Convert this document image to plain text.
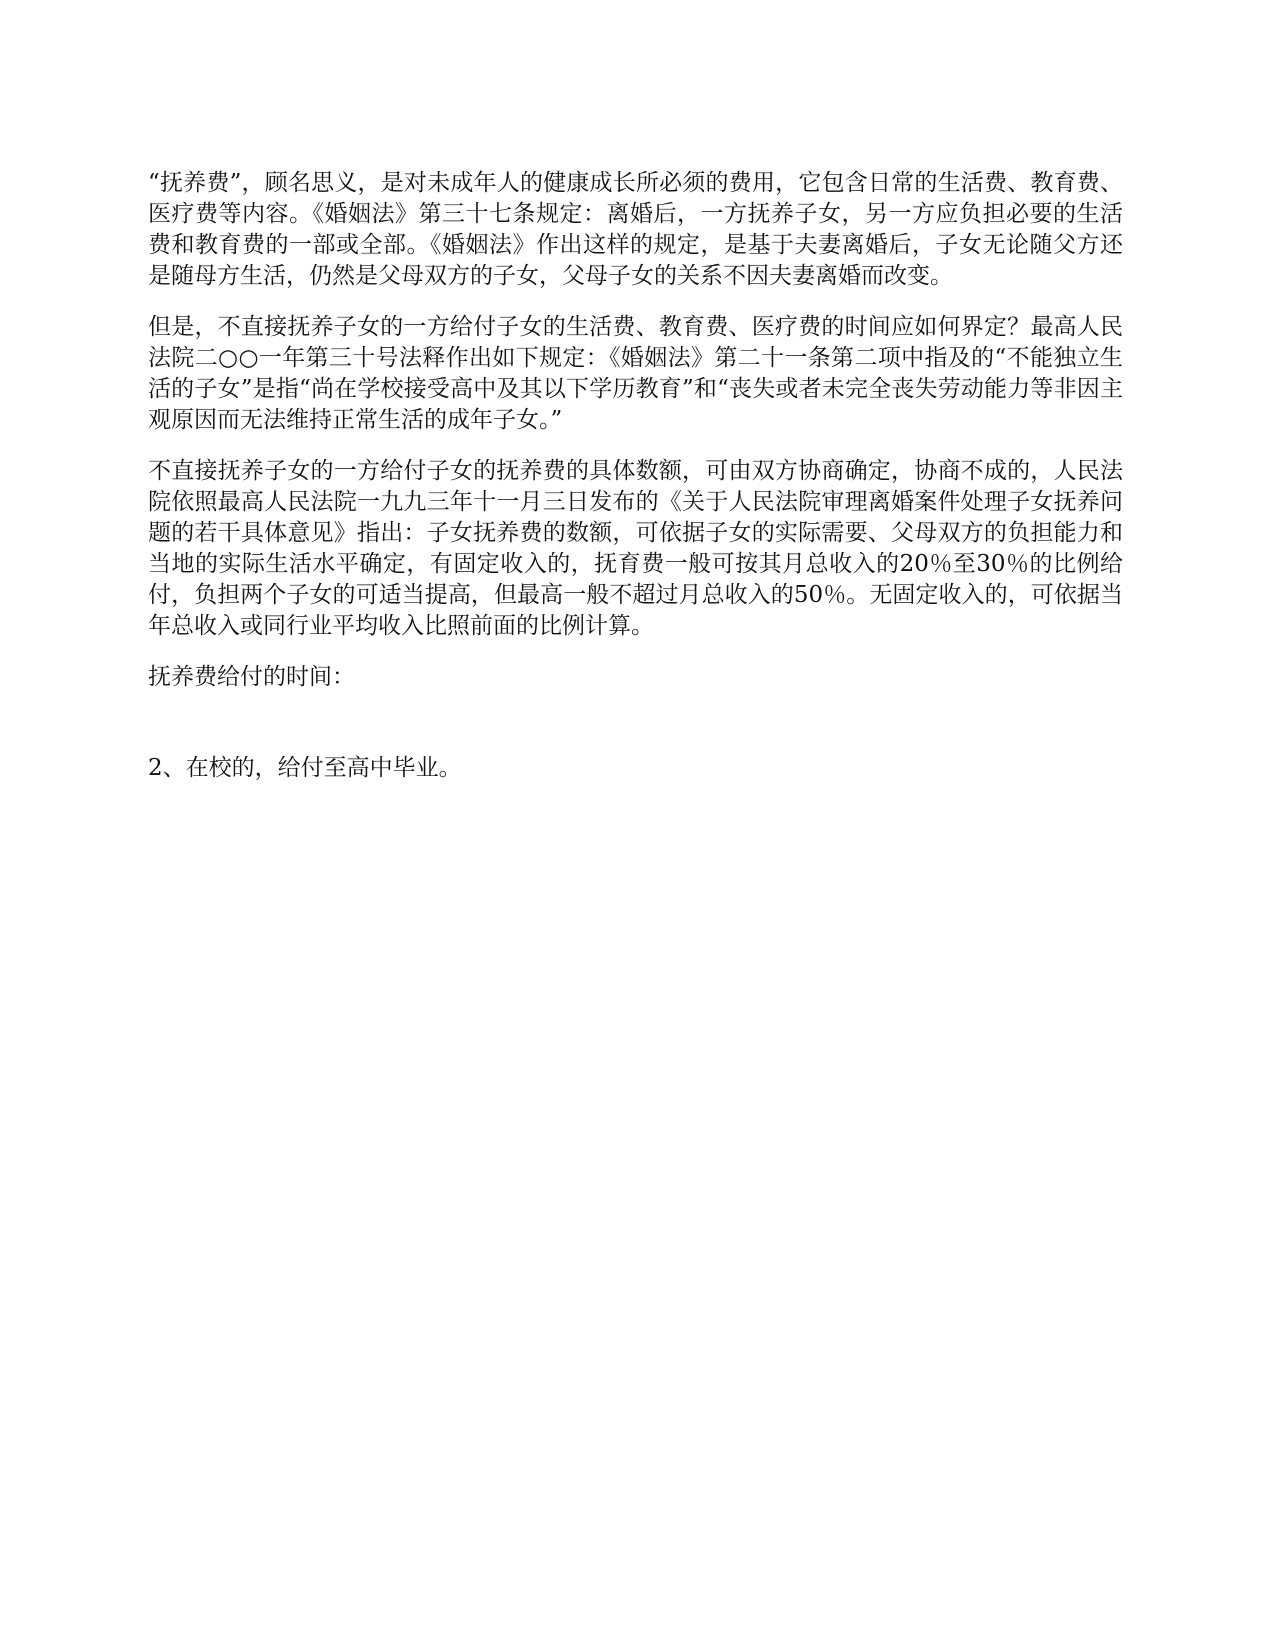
“抚养费”，顾名思义，是对未成年人的健康成长所必须的费用，它包含日常的生活费、教育费、医疗费等内容。《婚姻法》第三十七条规定：离婚后，一方抚养子女，另一方应负担必要的生活费和教育费的一部或全部。《婚姻法》作出这样的规定，是基于夫妻离婚后，子女无论随父方还是随母方生活，仍然是父母双方的子女，父母子女的关系不因夫妻离婚而改变。

但是，不直接抚养子女的一方给付子女的生活费、教育费、医疗费的时间应如何界定？最高人民法院二○○一年第三十号法释作出如下规定：《婚姻法》第二十一条第二项中指及的“不能独立生活的子女”是指“尚在学校接受高中及其以下学历教育”和“丧失或者未完全丧失劳动能力等非因主观原因而无法维持正常生活的成年子女。”

不直接抚养子女的一方给付子女的抚养费的具体数额，可由双方协商确定，协商不成的，人民法院依照最高人民法院一九九三年十一月三日发布的《关于人民法院审理离婚案件处理子女抚养问题的若干具体意见》指出：子女抚养费的数额，可依据子女的实际需要、父母双方的负担能力和当地的实际生活水平确定，有固定收入的，抚育费一般可按其月总收入的20％至30％的比例给付，负担两个子女的可适当提高，但最高一般不超过月总收入的50％。无固定收入的，可依据当年总收入或同行业平均收入比照前面的比例计算。

抚养费给付的时间：

2、在校的，给付至高中毕业。
